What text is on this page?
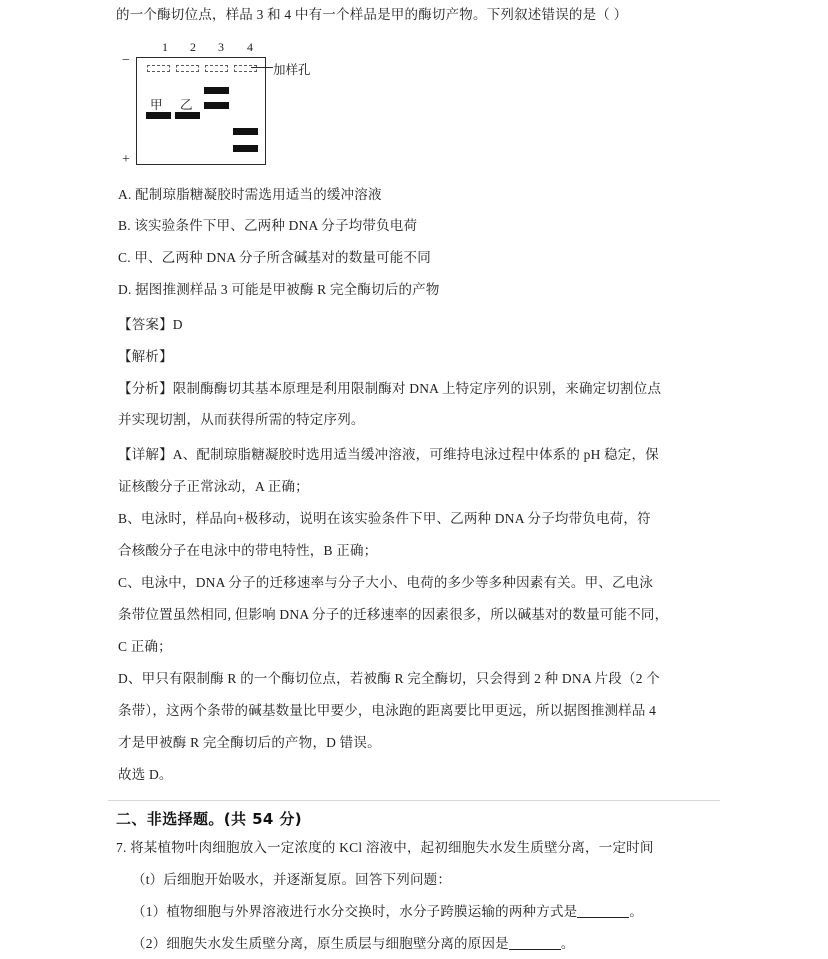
的一个酶切位点，样品 3 和 4 中有一个样品是甲的酶切产物。下列叙述错误的是（ ）
−
+
1	2	3	4
甲 乙
加样孔
A. 配制琼脂糖凝胶时需选用适当的缓冲溶液
B. 该实验条件下甲、乙两种 DNA 分子均带负电荷
C. 甲、乙两种 DNA 分子所含碱基对的数量可能不同
D. 据图推测样品 3 可能是甲被酶 R 完全酶切后的产物
【答案】D
【解析】
【分析】限制酶酶切其基本原理是利用限制酶对 DNA 上特定序列的识别，来确定切割位点
并实现切割，从而获得所需的特定序列。
【详解】A、配制琼脂糖凝胶时选用适当缓冲溶液，可维持电泳过程中体系的 pH 稳定，保
证核酸分子正常泳动，A 正确；
B、电泳时，样品向+极移动，说明在该实验条件下甲、乙两种 DNA 分子均带负电荷，符
合核酸分子在电泳中的带电特性，B 正确；
C、电泳中，DNA 分子的迁移速率与分子大小、电荷的多少等多种因素有关。甲、乙电泳
条带位置虽然相同, 但影响 DNA 分子的迁移速率的因素很多，所以碱基对的数量可能不同，
C 正确；
D、甲只有限制酶 R 的一个酶切位点，若被酶 R 完全酶切，只会得到 2 种 DNA 片段（2 个
条带），这两个条带的碱基数量比甲要少，电泳跑的距离要比甲更远，所以据图推测样品 4
才是甲被酶 R 完全酶切后的产物，D 错误。
故选 D。
二、非选择题。(共 54 分)
7. 将某植物叶肉细胞放入一定浓度的 KCl 溶液中，起初细胞失水发生质壁分离，一定时间
（t）后细胞开始吸水，并逐渐复原。回答下列问题：
（1）植物细胞与外界溶液进行水分交换时，水分子跨膜运输的两种方式是	。
（2）细胞失水发生质壁分离，原生质层与细胞壁分离的原因是	。
